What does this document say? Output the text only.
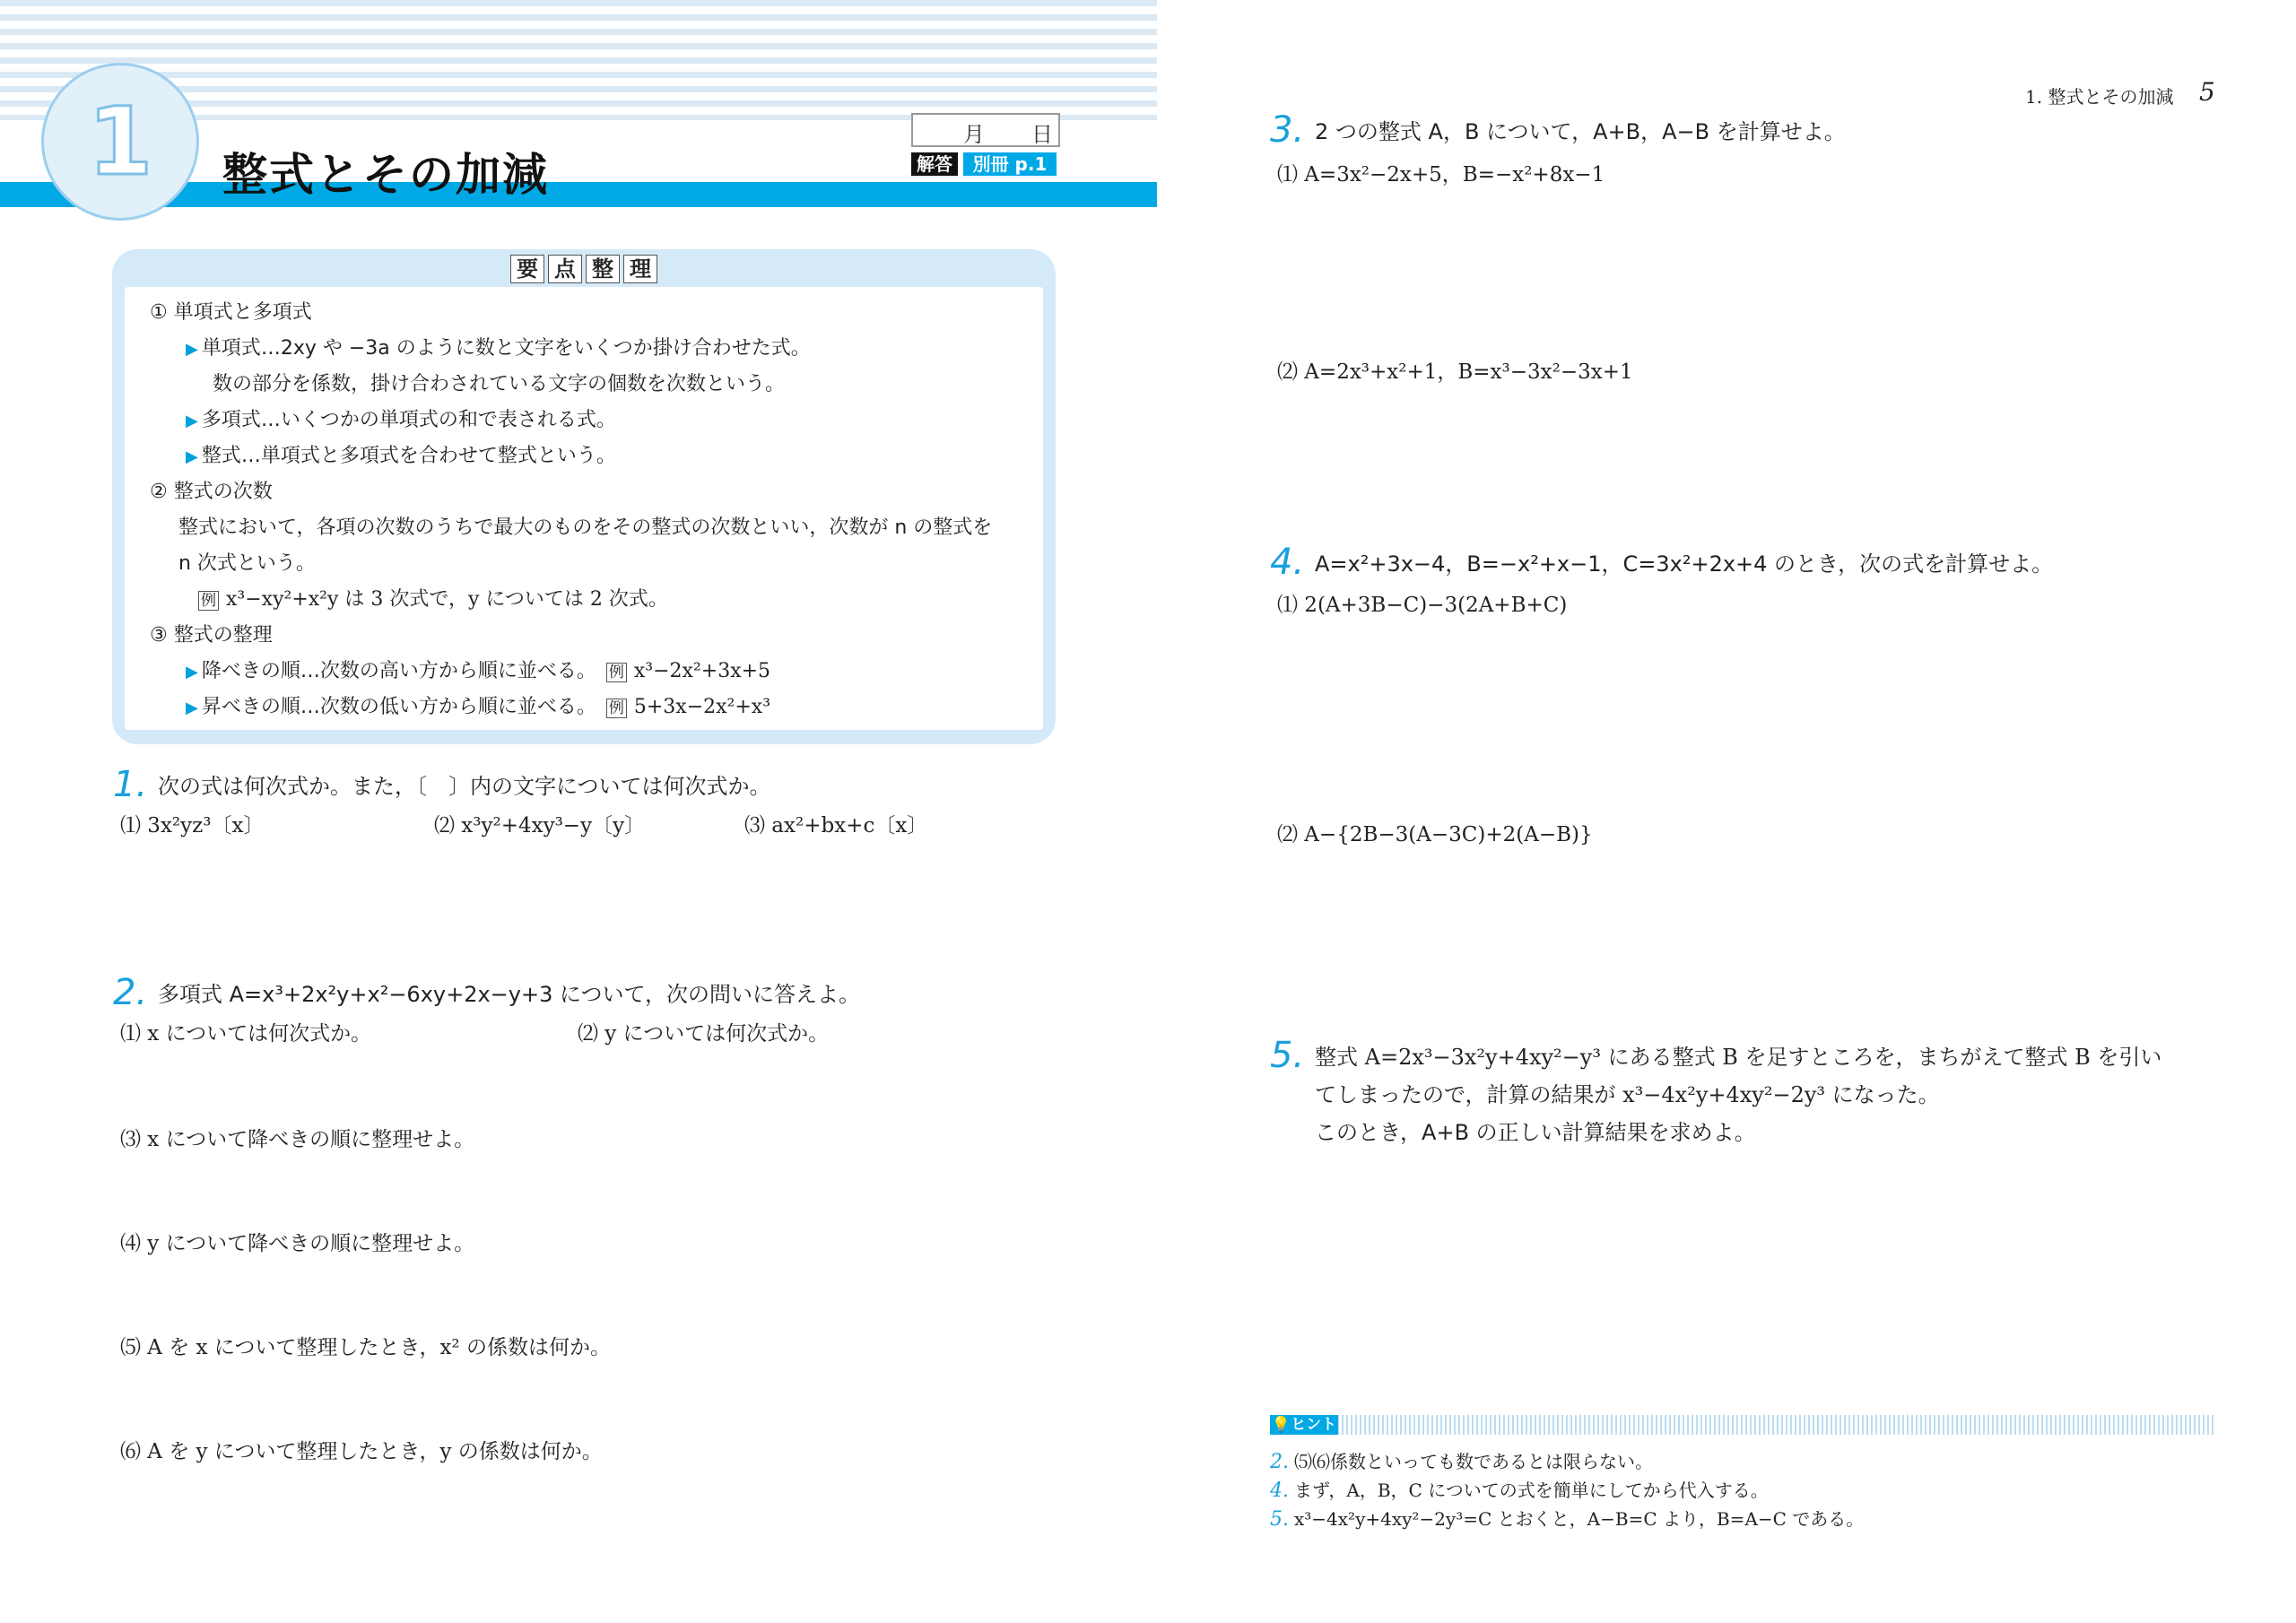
1	整式とその加減
月 日
解答	別冊 p.1
要 点 整 理
① 単項式と多項式
▶ 単項式…2xy や −3a のように数と文字をいくつか掛け合わせた式。
数の部分を係数，掛け合わされている文字の個数を次数という。
▶ 多項式…いくつかの単項式の和で表される式。
▶ 整式…単項式と多項式を合わせて整式という。
② 整式の次数
整式において，各項の次数のうちで最大のものをその整式の次数といい，次数が n の整式を
n 次式という。
例 x³−xy²+x²y は 3 次式で，y については 2 次式。
③ 整式の整理
▶ 降べきの順…次数の高い方から順に並べる。　 例 x³−2x²+3x+5
▶ 昇べきの順…次数の低い方から順に並べる。　 例 5+3x−2x²+x³
1. 次の式は何次式か。また，〔　〕内の文字については何次式か。
⑴ 3x²yz³〔x〕	⑵ x³y²+4xy³−y〔y〕	⑶ ax²+bx+c〔x〕
2. 多項式 A=x³+2x²y+x²−6xy+2x−y+3 について，次の問いに答えよ。
⑴ x については何次式か。	⑵ y については何次式か。
⑶ x について降べきの順に整理せよ。
⑷ y について降べきの順に整理せよ。
⑸ A を x について整理したとき，x² の係数は何か。
⑹ A を y について整理したとき，y の係数は何か。
1. 整式とその加減 5
3. 2 つの整式 A，B について，A+B，A−B を計算せよ。
⑴ A=3x²−2x+5，B=−x²+8x−1
⑵ A=2x³+x²+1，B=x³−3x²−3x+1
4. A=x²+3x−4，B=−x²+x−1，C=3x²+2x+4 のとき，次の式を計算せよ。
⑴ 2(A+3B−C)−3(2A+B+C)
⑵ A−{2B−3(A−3C)+2(A−B)}
5. 整式 A=2x³−3x²y+4xy²−y³ にある整式 B を足すところを，まちがえて整式 B を引い
てしまったので，計算の結果が x³−4x²y+4xy²−2y³ になった。
このとき，A+B の正しい計算結果を求めよ。
💡ヒント
2. ⑸⑹係数といっても数であるとは限らない。
4. まず，A，B，C についての式を簡単にしてから代入する。
5. x³−4x²y+4xy²−2y³=C とおくと，A−B=C より，B=A−C である。
